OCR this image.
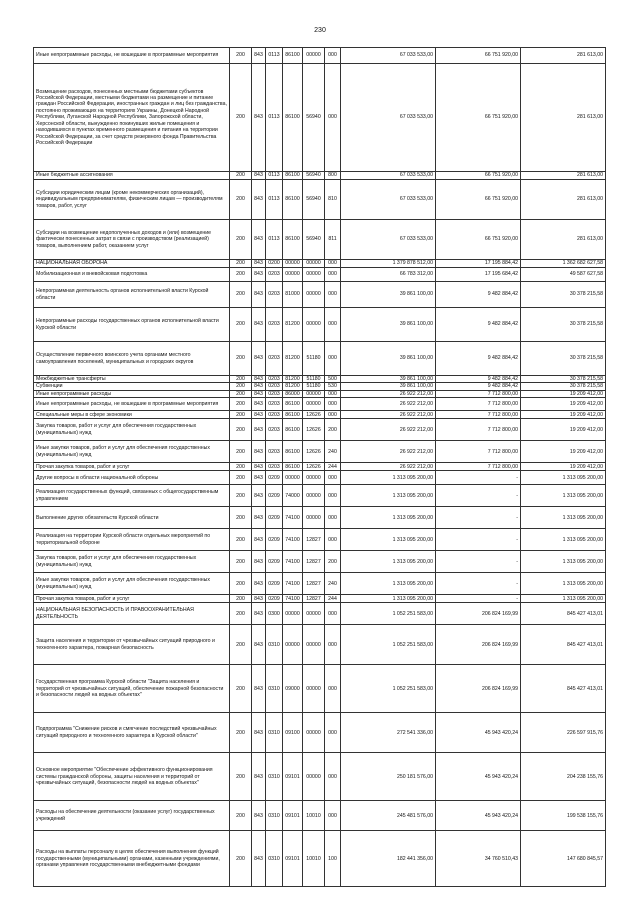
230
Иные непрограммные расходы, не вошедшие в программные мероприятия	200	843	0113	86100	00000	000	67 033 533,00	66 751 920,00	281 613,00
Возмещение расходов, понесенных местными бюджетами субъектов Российской Федерации, местными бюджетами на размещение и питание граждан Российской Федерации, иностранных граждан и лиц без гражданства, постоянно проживающих на территориях Украины, Донецкой Народной Республики, Луганской Народной Республики, Запорожской области, Херсонской области, вынужденно покинувших жилые помещения и находившихся в пунктах временного размещения и питания на территории Российской Федерации, за счет средств резервного фонда Правительства Российской Федерации	200	843	0113	86100	56940	000	67 033 533,00	66 751 920,00	281 613,00
Иные бюджетные ассигнования	200	843	0113	86100	56940	800	67 033 533,00	66 751 920,00	281 613,00
Субсидии юридическим лицам (кроме некоммерческих организаций), индивидуальным предпринимателям, физическим лицам — производителям товаров, работ, услуг	200	843	0113	86100	56940	810	67 033 533,00	66 751 920,00	281 613,00
Субсидии на возмещение недополученных доходов и (или) возмещение фактически понесенных затрат в связи с производством (реализацией) товаров, выполнением работ, оказанием услуг	200	843	0113	86100	56940	811	67 033 533,00	66 751 920,00	281 613,00
НАЦИОНАЛЬНАЯ ОБОРОНА	200	843	0200	00000	00000	000	1 379 878 512,00	17 195 884,42	1 362 682 627,58
Мобилизационная и вневойсковая подготовка	200	843	0203	00000	00000	000	66 783 312,00	17 195 684,42	49 587 627,58
Непрограммная деятельность органов исполнительной власти Курской области	200	843	0203	81000	00000	000	39 861 100,00	9 482 884,42	30 378 215,58
Непрограммные расходы государственных органов исполнительной власти Курской области	200	843	0203	81200	00000	000	39 861 100,00	9 482 884,42	30 378 215,58
Осуществление первичного воинского учета органами местного самоуправления поселений, муниципальных и городских округов	200	843	0203	81200	51180	000	39 861 100,00	9 482 884,42	30 378 215,58
Межбюджетные трансферты	200	843	0203	81200	51180	500	39 861 100,00	9 482 884,42	30 378 215,58
Субвенции	200	843	0203	81200	51180	530	39 861 100,00	9 482 884,42	30 378 215,58
Иные непрограммные расходы	200	843	0203	86000	00000	000	26 922 212,00	7 712 800,00	19 209 412,00
Иные непрограммные расходы, не вошедшие в программные мероприятия	200	843	0203	86100	00000	000	26 922 212,00	7 712 800,00	19 209 412,00
Специальные меры в сфере экономики	200	843	0203	86100	12626	000	26 922 212,00	7 712 800,00	19 209 412,00
Закупка товаров, работ и услуг для обеспечения государственных (муниципальных) нужд	200	843	0203	86100	12626	200	26 922 212,00	7 712 800,00	19 209 412,00
Иные закупки товаров, работ и услуг для обеспечения государственных (муниципальных) нужд	200	843	0203	86100	12626	240	26 922 212,00	7 712 800,00	19 209 412,00
Прочая закупка товаров, работ и услуг	200	843	0203	86100	12626	244	26 922 212,00	7 712 800,00	19 209 412,00
Другие вопросы в области национальной обороны	200	843	0209	00000	00000	000	1 313 095 200,00	-	1 313 095 200,00
Реализация государственных функций, связанных с общегосударственным управлением	200	843	0209	74000	00000	000	1 313 095 200,00	-	1 313 095 200,00
Выполнение других обязательств Курской области	200	843	0209	74100	00000	000	1 313 095 200,00	-	1 313 095 200,00
Реализация на территории Курской области отдельных мероприятий по территориальной обороне	200	843	0209	74100	12827	000	1 313 095 200,00	-	1 313 095 200,00
Закупка товаров, работ и услуг для обеспечения государственных (муниципальных) нужд	200	843	0209	74100	12827	200	1 313 095 200,00	-	1 313 095 200,00
Иные закупки товаров, работ и услуг для обеспечения государственных (муниципальных) нужд	200	843	0209	74100	12827	240	1 313 095 200,00	-	1 313 095 200,00
Прочая закупка товаров, работ и услуг	200	843	0209	74100	12827	244	1 313 095 200,00	-	1 313 095 200,00
НАЦИОНАЛЬНАЯ БЕЗОПАСНОСТЬ И ПРАВООХРАНИТЕЛЬНАЯ ДЕЯТЕЛЬНОСТЬ	200	843	0300	00000	00000	000	1 052 251 583,00	206 824 169,99	845 427 413,01
Защита населения и территории от чрезвычайных ситуаций природного и техногенного характера, пожарная безопасность	200	843	0310	00000	00000	000	1 052 251 583,00	206 824 169,99	845 427 413,01
Государственная программа Курской области "Защита населения и территорий от чрезвычайных ситуаций, обеспечение пожарной безопасности и безопасности людей на водных объектах"	200	843	0310	09000	00000	000	1 052 251 583,00	206 824 169,99	845 427 413,01
Подпрограмма "Снижение рисков и смягчение последствий чрезвычайных ситуаций природного и техногенного характера в Курской области"	200	843	0310	09100	00000	000	272 541 336,00	45 943 420,24	226 597 915,76
Основное мероприятие "Обеспечение эффективного функционирования системы гражданской обороны, защиты населения и территорий от чрезвычайных ситуаций, безопасности людей на водных объектах"	200	843	0310	09101	00000	000	250 181 576,00	45 943 420,24	204 238 155,76
Расходы на обеспечение деятельности (оказание услуг) государственных учреждений	200	843	0310	09101	10010	000	245 481 576,00	45 943 420,24	199 538 155,76
Расходы на выплаты персоналу в целях обеспечения выполнения функций государственными (муниципальными) органами, казенными учреждениями, органами управления государственными внебюджетными фондами	200	843	0310	09101	10010	100	182 441 356,00	34 760 510,43	147 680 845,57
